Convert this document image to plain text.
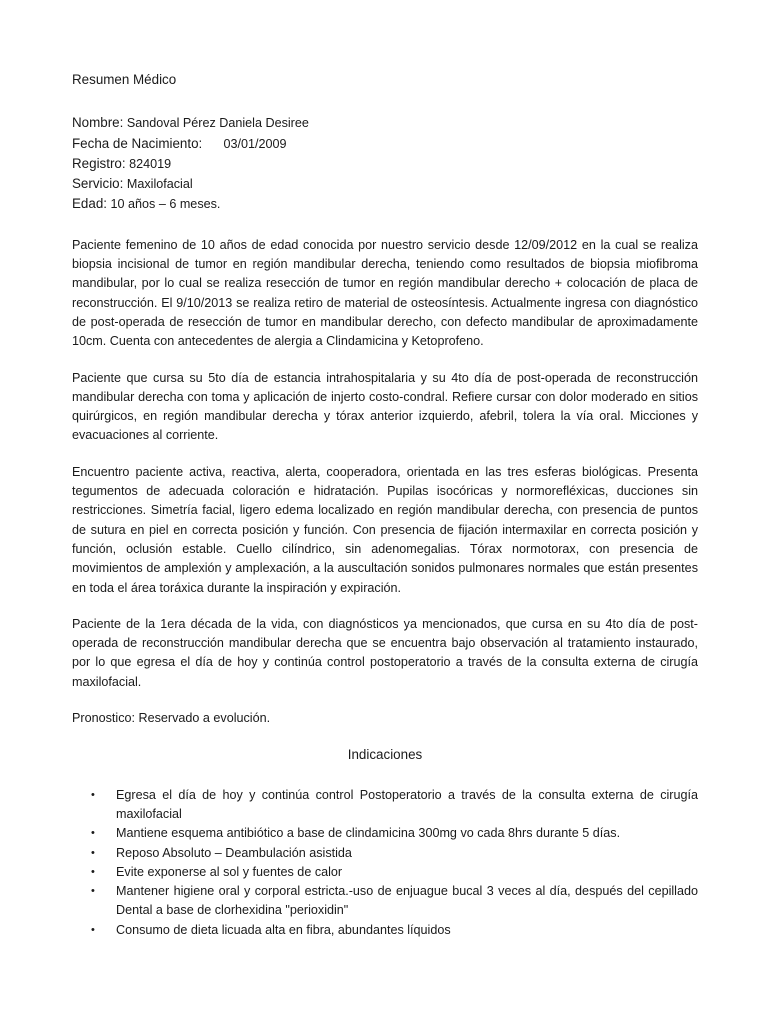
Resumen Médico
Nombre: Sandoval Pérez Daniela Desiree
Fecha de Nacimiento: 03/01/2009
Registro: 824019
Servicio: Maxilofacial
Edad: 10 años – 6 meses.

Paciente femenino de 10 años de edad conocida por nuestro servicio desde 12/09/2012 en la cual se realiza biopsia incisional de tumor en región mandibular derecha, teniendo como resultados de biopsia miofibroma mandibular, por lo cual se realiza resección de tumor en región mandibular derecho + colocación de placa de reconstrucción. El 9/10/2013 se realiza retiro de material de osteosíntesis. Actualmente ingresa con diagnóstico de post-operada de resección de tumor en mandibular derecho, con defecto mandibular de aproximadamente 10cm. Cuenta con antecedentes de alergia a Clindamicina y Ketoprofeno.

Paciente que cursa su 5to día de estancia intrahospitalaria y su 4to día de post-operada de reconstrucción mandibular derecha con toma y aplicación de injerto costo-condral. Refiere cursar con dolor moderado en sitios quirúrgicos, en región mandibular derecha y tórax anterior izquierdo, afebril, tolera la vía oral. Micciones y evacuaciones al corriente.

Encuentro paciente activa, reactiva, alerta, cooperadora, orientada en las tres esferas biológicas. Presenta tegumentos de adecuada coloración e hidratación. Pupilas isocóricas y normorefléxicas, ducciones sin restricciones. Simetría facial, ligero edema localizado en región mandibular derecha, con presencia de puntos de sutura en piel en correcta posición y función. Con presencia de fijación intermaxilar en correcta posición y función, oclusión estable. Cuello cilíndrico, sin adenomegalias. Tórax normotorax, con presencia de movimientos de amplexión y amplexación, a la auscultación sonidos pulmonares normales que están presentes en toda el área toráxica durante la inspiración y expiración.

Paciente de la 1era década de la vida, con diagnósticos ya mencionados, que cursa en su 4to día de post-operada de reconstrucción mandibular derecha que se encuentra bajo observación al tratamiento instaurado, por lo que egresa el día de hoy y continúa control postoperatorio a través de la consulta externa de cirugía maxilofacial.

Pronostico: Reservado a evolución.

Indicaciones
• Egresa el día de hoy y continúa control Postoperatorio a través de la consulta externa de cirugía maxilofacial
• Mantiene esquema antibiótico a base de clindamicina 300mg vo cada 8hrs durante 5 días.
• Reposo Absoluto – Deambulación asistida
• Evite exponerse al sol y fuentes de calor
• Mantener higiene oral y corporal estricta.-uso de enjuague bucal 3 veces al día, después del cepillado Dental a base de clorhexidina "perioxidin"
• Consumo de dieta licuada alta en fibra, abundantes líquidos
